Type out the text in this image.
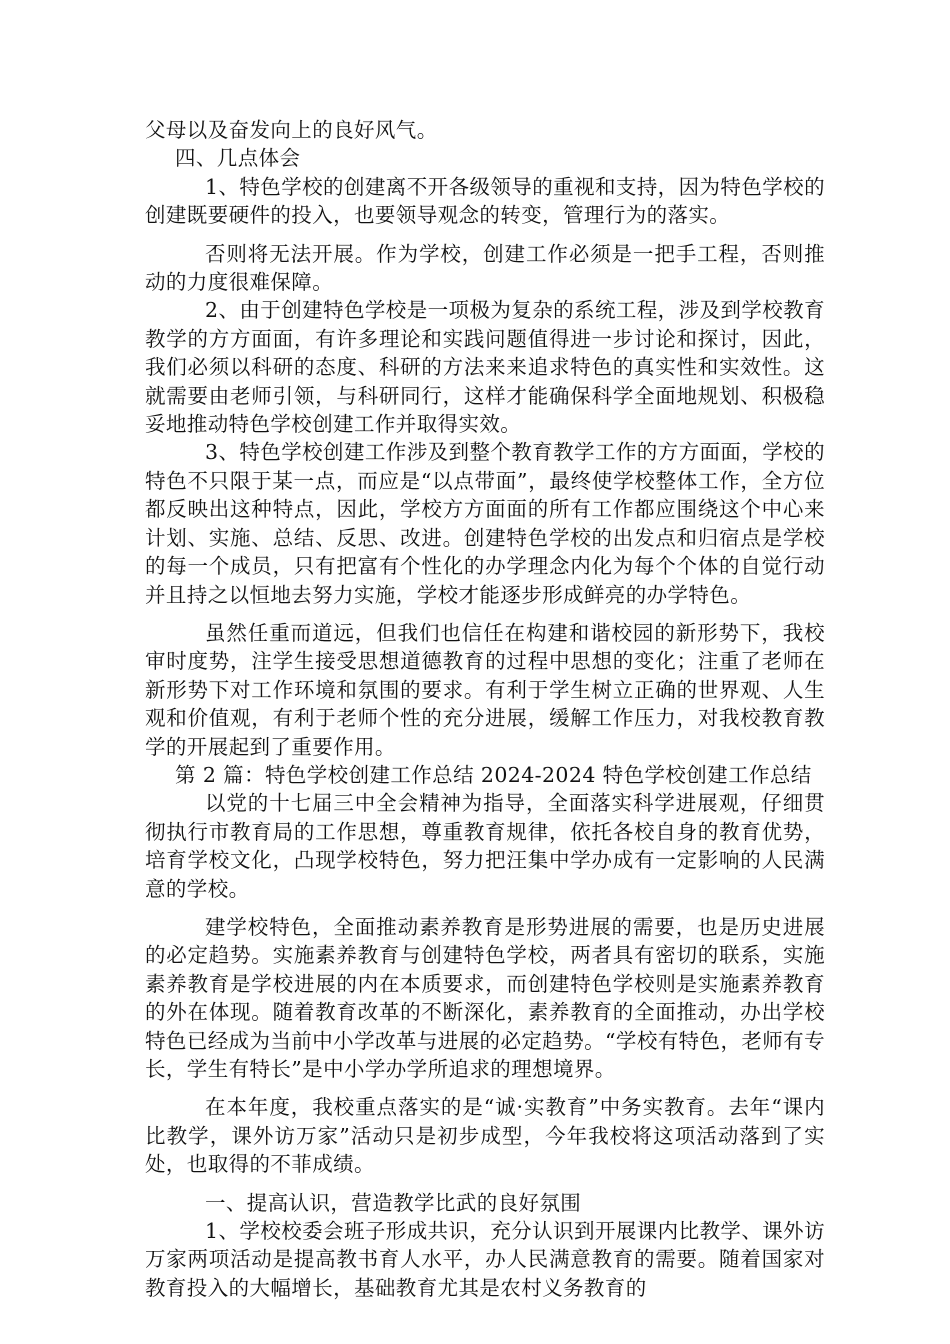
父母以及奋发向上的良好风气。

四、几点体会

1、特色学校的创建离不开各级领导的重视和支持，因为特色学校的创建既要硬件的投入，也要领导观念的转变，管理行为的落实。

否则将无法开展。作为学校，创建工作必须是一把手工程，否则推动的力度很难保障。

2、由于创建特色学校是一项极为复杂的系统工程，涉及到学校教育教学的方方面面，有许多理论和实践问题值得进一步讨论和探讨，因此，我们必须以科研的态度、科研的方法来来追求特色的真实性和实效性。这就需要由老师引领，与科研同行，这样才能确保科学全面地规划、积极稳妥地推动特色学校创建工作并取得实效。

3、特色学校创建工作涉及到整个教育教学工作的方方面面，学校的特色不只限于某一点，而应是“以点带面”，最终使学校整体工作，全方位都反映出这种特点，因此，学校方方面面的所有工作都应围绕这个中心来计划、实施、总结、反思、改进。创建特色学校的出发点和归宿点是学校的每一个成员，只有把富有个性化的办学理念内化为每个个体的自觉行动并且持之以恒地去努力实施，学校才能逐步形成鲜亮的办学特色。

虽然任重而道远，但我们也信任在构建和谐校园的新形势下，我校审时度势，注学生接受思想道德教育的过程中思想的变化；注重了老师在新形势下对工作环境和氛围的要求。有利于学生树立正确的世界观、人生观和价值观，有利于老师个性的充分进展，缓解工作压力，对我校教育教学的开展起到了重要作用。

第 2 篇：特色学校创建工作总结 2024-2024 特色学校创建工作总结

以党的十七届三中全会精神为指导，全面落实科学进展观，仔细贯彻执行市教育局的工作思想，尊重教育规律，依托各校自身的教育优势，培育学校文化，凸现学校特色，努力把汪集中学办成有一定影响的人民满意的学校。

建学校特色，全面推动素养教育是形势进展的需要，也是历史进展的必定趋势。实施素养教育与创建特色学校，两者具有密切的联系，实施素养教育是学校进展的内在本质要求，而创建特色学校则是实施素养教育的外在体现。随着教育改革的不断深化，素养教育的全面推动，办出学校特色已经成为当前中小学改革与进展的必定趋势。“学校有特色，老师有专长，学生有特长”是中小学办学所追求的理想境界。

在本年度，我校重点落实的是“诚·实教育”中务实教育。去年“课内比教学，课外访万家”活动只是初步成型，今年我校将这项活动落到了实处，也取得的不菲成绩。

一、提高认识，营造教学比武的良好氛围

1、学校校委会班子形成共识，充分认识到开展课内比教学、课外访万家两项活动是提高教书育人水平，办人民满意教育的需要。随着国家对教育投入的大幅增长，基础教育尤其是农村义务教育的
